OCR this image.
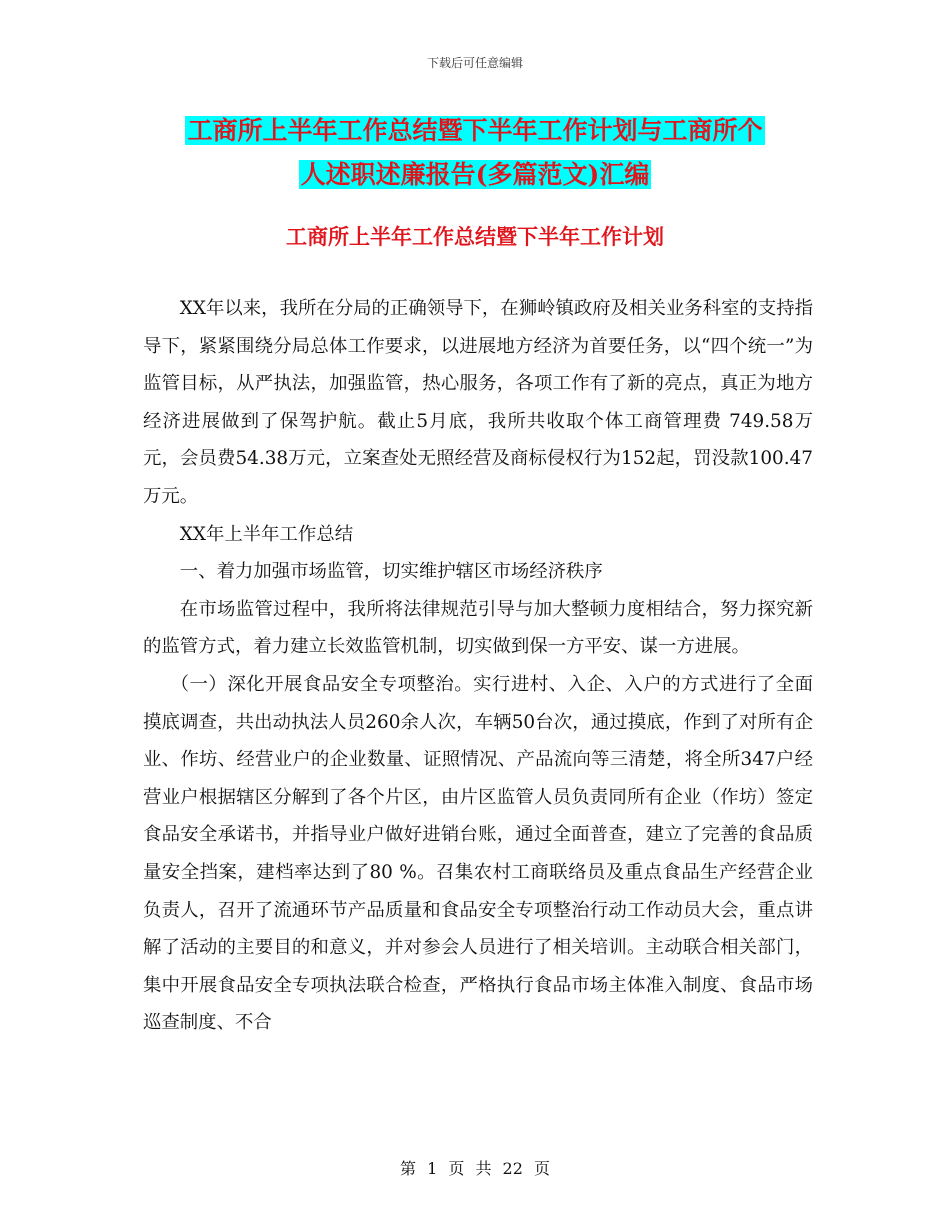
下载后可任意编辑
工商所上半年工作总结暨下半年工作计划与工商所个
人述职述廉报告(多篇范文)汇编
工商所上半年工作总结暨下半年工作计划

XX年以来，我所在分局的正确领导下，在狮岭镇政府及相关业务科室的支持指导下，紧紧围绕分局总体工作要求，以进展地方经济为首要任务，以“四个统一”为监管目标，从严执法，加强监管，热心服务，各项工作有了新的亮点，真正为地方经济进展做到了保驾护航。截止5月底，我所共收取个体工商管理费 749.58万元，会员费54.38万元，立案查处无照经营及商标侵权行为152起，罚没款100.47万元。

XX年上半年工作总结

一、着力加强市场监管，切实维护辖区市场经济秩序

在市场监管过程中，我所将法律规范引导与加大整顿力度相结合，努力探究新的监管方式，着力建立长效监管机制，切实做到保一方平安、谋一方进展。

（一）深化开展食品安全专项整治。实行进村、入企、入户的方式进行了全面摸底调查，共出动执法人员260余人次，车辆50台次，通过摸底，作到了对所有企业、作坊、经营业户的企业数量、证照情况、产品流向等三清楚，将全所347户经营业户根据辖区分解到了各个片区，由片区监管人员负责同所有企业（作坊）签定食品安全承诺书，并指导业户做好进销台账，通过全面普查，建立了完善的食品质量安全挡案，建档率达到了80 %。召集农村工商联络员及重点食品生产经营企业负责人，召开了流通环节产品质量和食品安全专项整治行动工作动员大会，重点讲解了活动的主要目的和意义，并对参会人员进行了相关培训。主动联合相关部门，集中开展食品安全专项执法联合检查，严格执行食品市场主体准入制度、食品市场巡查制度、不合

第 1 页 共 22 页
